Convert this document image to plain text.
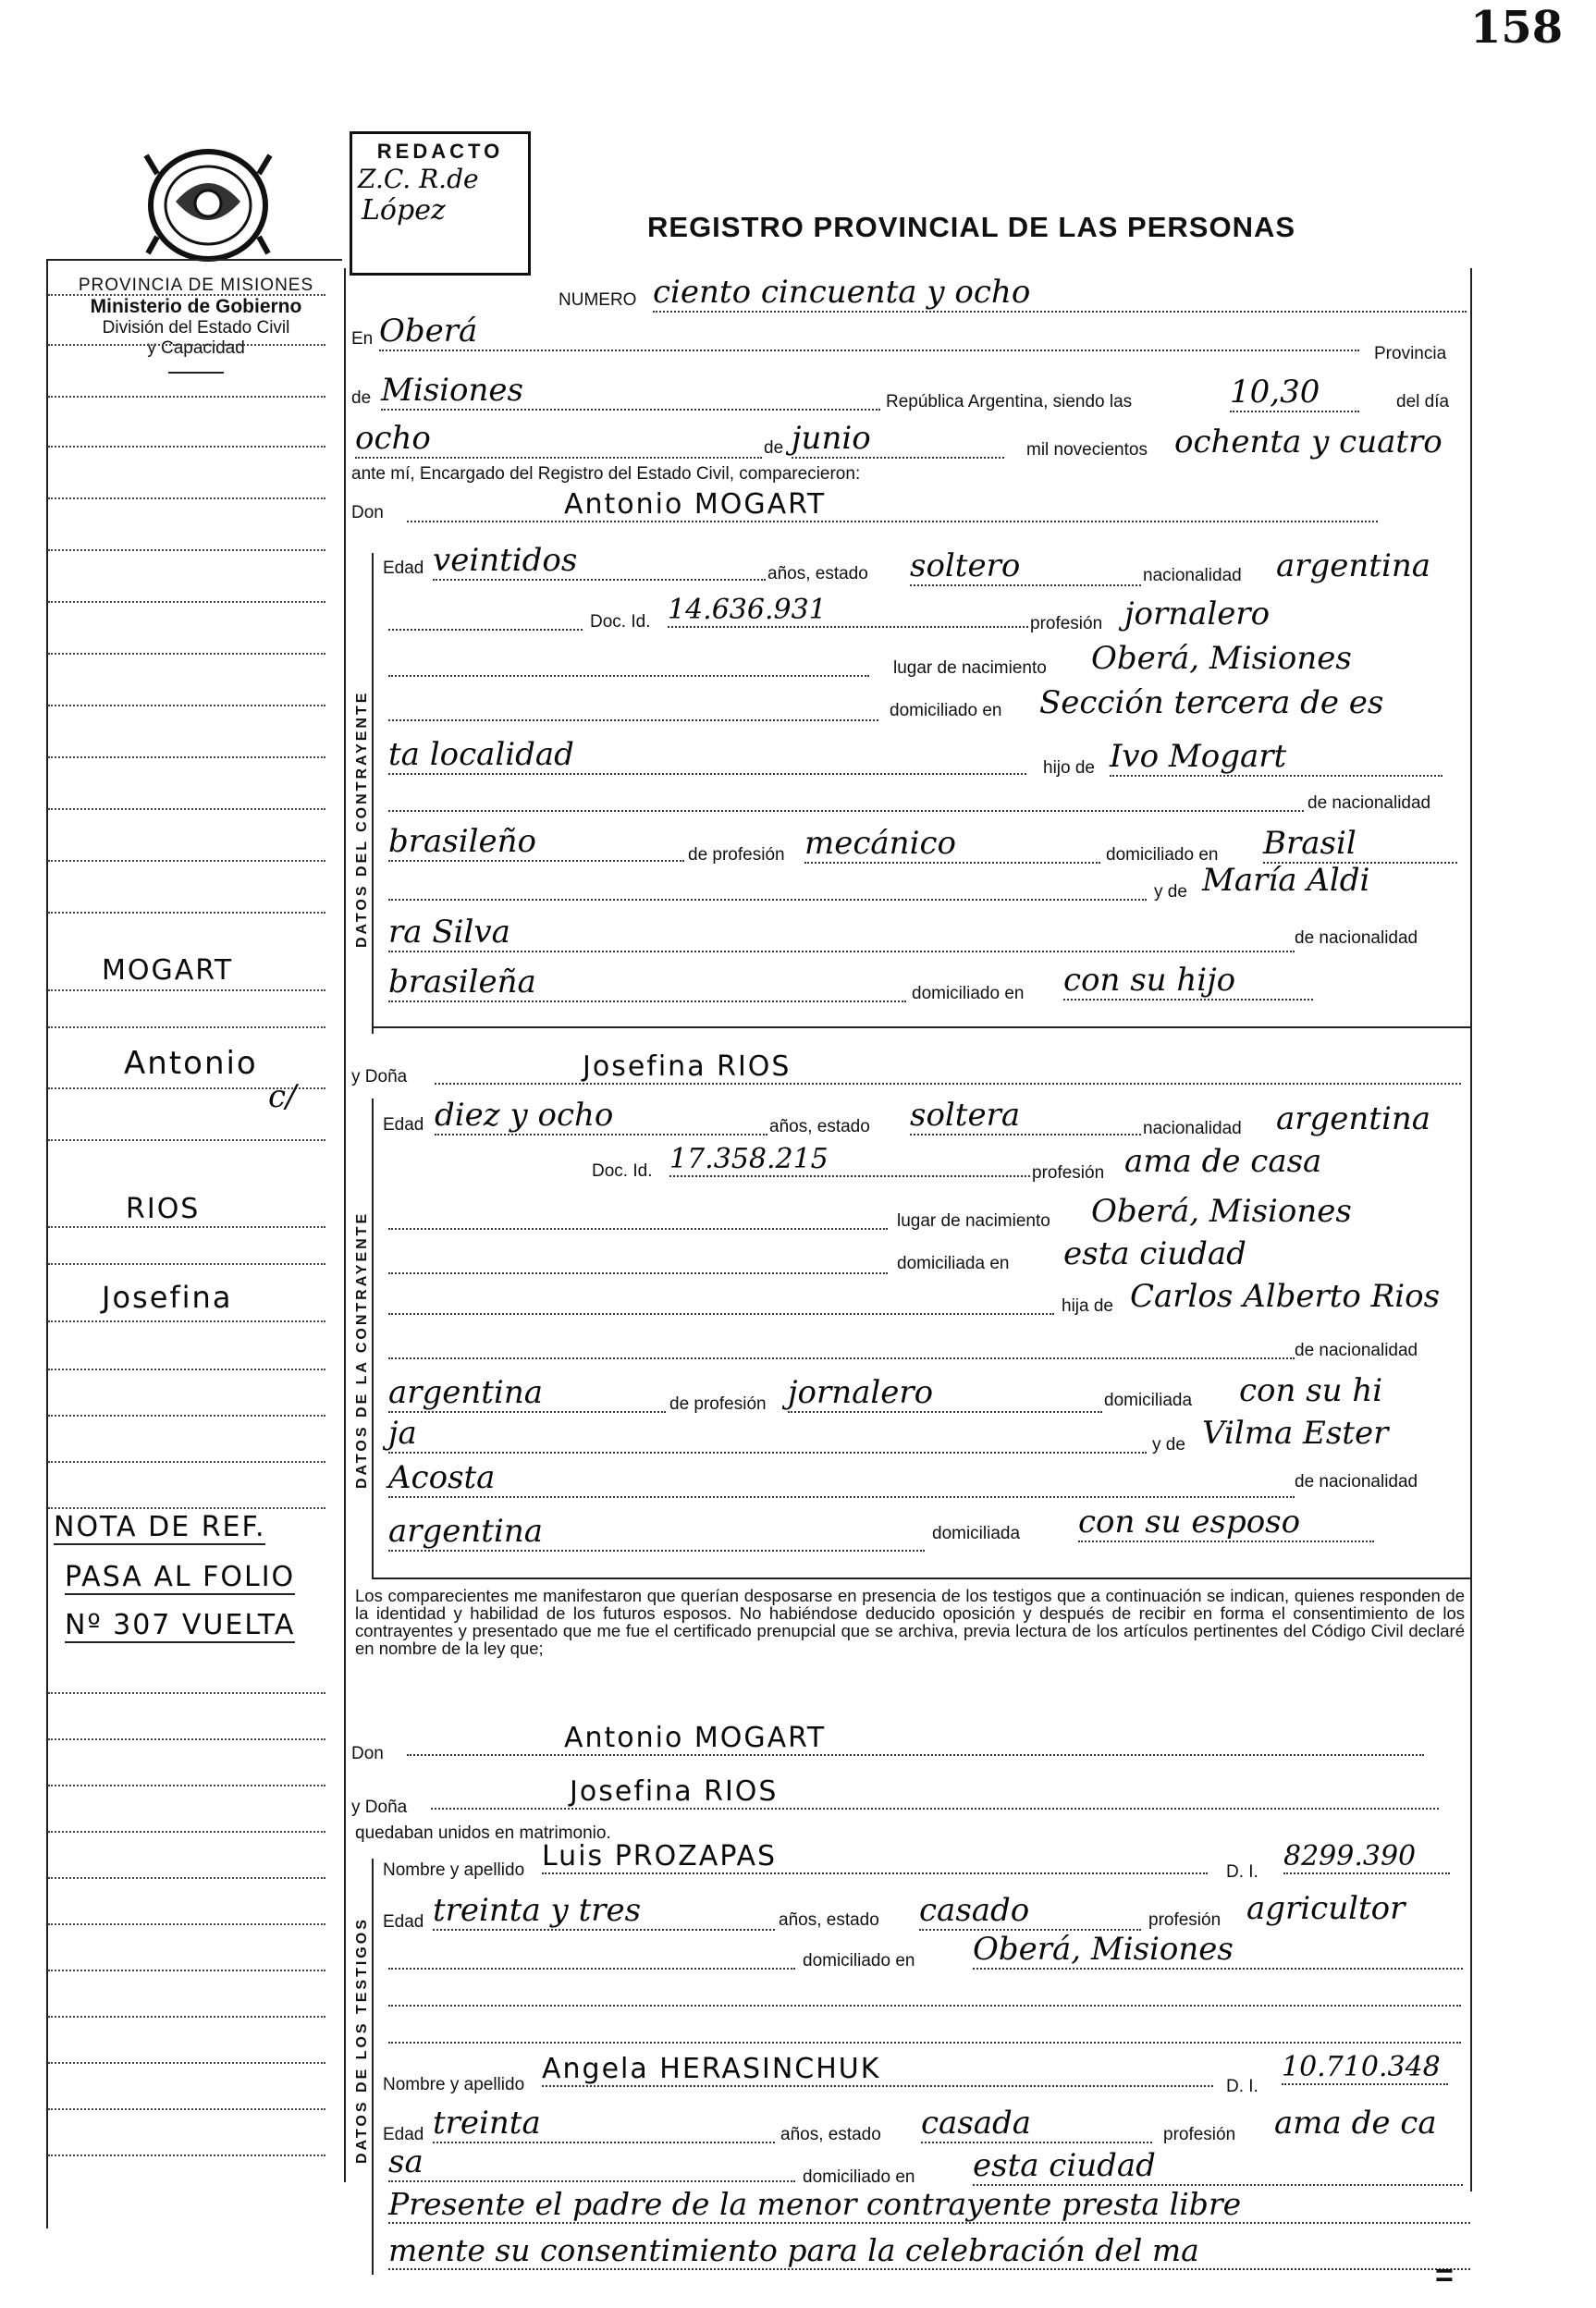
158
PROVINCIA DE MISIONES
Ministerio de Gobierno
División del Estado Civil
y Capacidad
REDACTO
Z.C. R.de
López
REGISTRO PROVINCIAL DE LAS PERSONAS
NUMERO ciento cincuenta y ocho
En Oberá
Provincia
de Misiones	República Argentina, siendo las	10,30	del día
ocho	de junio	mil novecientos ochenta y cuatro
ante mí, Encargado del Registro del Estado Civil, comparecieron:
Don	Antonio MOGART
DATOS DEL CONTRAYENTE
Edad veintidos	años, estado soltero	nacionalidad argentina
Doc. Id. 14.636.931	profesión jornalero
lugar de nacimiento Oberá, Misiones
domiciliado en Sección tercera de es
ta localidad	hijo de Ivo Mogart
de nacionalidad
brasileño	de profesión mecánico	domiciliado en Brasil
y de María Aldi
ra Silva	de nacionalidad
brasileña	domiciliado en con su hijo
y Doña	Josefina RIOS
DATOS DE LA CONTRAYENTE
Edad diez y ocho	años, estado soltera	nacionalidad argentina
Doc. Id. 17.358.215	profesión ama de casa
lugar de nacimiento Oberá, Misiones
domiciliada en esta ciudad
hija de Carlos Alberto Rios
de nacionalidad
argentina	de profesión jornalero	domiciliada con su hi
ja	y de Vilma Ester
Acosta	de nacionalidad
argentina	domiciliada con su esposo
MOGART
Antonio
c/
RIOS
Josefina
NOTA DE REF.
PASA AL FOLIO
Nº 307 VUELTA
Los comparecientes me manifestaron que querían desposarse en presencia de los testigos que a continuación se indican, quienes responden de la identidad y habilidad de los futuros esposos. No habiéndose deducido oposición y después de recibir en forma el consentimiento de los contrayentes y presentado que me fue el certificado prenupcial que se archiva, previa lectura de los artículos pertinentes del Código Civil declaré en nombre de la ley que;
Don	Antonio MOGART
y Doña	Josefina RIOS
quedaban unidos en matrimonio.
DATOS DE LOS TESTIGOS
Nombre y apellido Luis PROZAPAS	D. I. 8299.390
Edad treinta y tres	años, estado casado	profesión agricultor
domiciliado en Oberá, Misiones
Nombre y apellido Angela HERASINCHUK
D. I.
10.710.348
Edad treinta	años, estado casada	profesión ama de ca
sa	domiciliado en esta ciudad
Presente el padre de la menor contrayente presta libre
mente su consentimiento para la celebración del ma
=
